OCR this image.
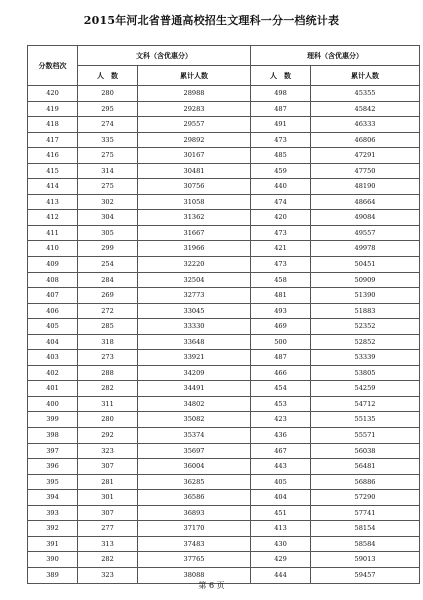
2015年河北省普通高校招生文理科一分一档统计表
分数档次	文科（含优惠分）		理科（含优惠分）	
	人　数	累计人数	人　数	累计人数
420	280	28988	498	45355
419	295	29283	487	45842
418	274	29557	491	46333
417	335	29892	473	46806
416	275	30167	485	47291
415	314	30481	459	47750
414	275	30756	440	48190
413	302	31058	474	48664
412	304	31362	420	49084
411	305	31667	473	49557
410	299	31966	421	49978
409	254	32220	473	50451
408	284	32504	458	50909
407	269	32773	481	51390
406	272	33045	493	51883
405	285	33330	469	52352
404	318	33648	500	52852
403	273	33921	487	53339
402	288	34209	466	53805
401	282	34491	454	54259
400	311	34802	453	54712
399	280	35082	423	55135
398	292	35374	436	55571
397	323	35697	467	56038
396	307	36004	443	56481
395	281	36285	405	56886
394	301	36586	404	57290
393	307	36893	451	57741
392	277	37170	413	58154
391	313	37483	430	58584
390	282	37765	429	59013
389	323	38088	444	59457
第 6 页
